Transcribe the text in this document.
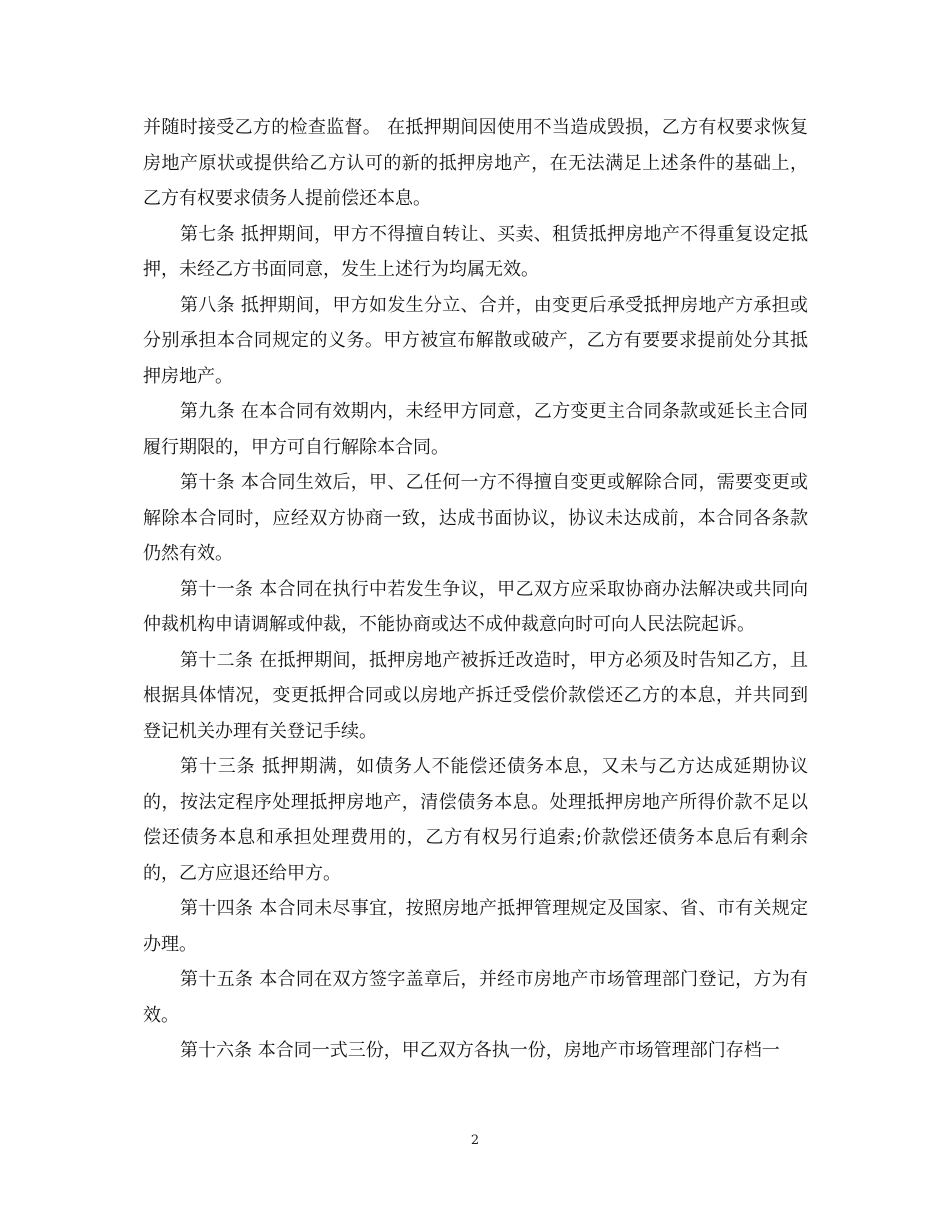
并随时接受乙方的检查监督。 在抵押期间因使用不当造成毁损，乙方有权要求恢复房地产原状或提供给乙方认可的新的抵押房地产，在无法满足上述条件的基础上，乙方有权要求债务人提前偿还本息。

第七条 抵押期间，甲方不得擅自转让、买卖、租赁抵押房地产不得重复设定抵押，未经乙方书面同意，发生上述行为均属无效。

第八条 抵押期间，甲方如发生分立、合并，由变更后承受抵押房地产方承担或分别承担本合同规定的义务。甲方被宣布解散或破产，乙方有要要求提前处分其抵押房地产。

第九条 在本合同有效期内，未经甲方同意，乙方变更主合同条款或延长主合同履行期限的，甲方可自行解除本合同。

第十条 本合同生效后，甲、乙任何一方不得擅自变更或解除合同，需要变更或解除本合同时，应经双方协商一致，达成书面协议，协议未达成前，本合同各条款仍然有效。

第十一条 本合同在执行中若发生争议，甲乙双方应采取协商办法解决或共同向仲裁机构申请调解或仲裁，不能协商或达不成仲裁意向时可向人民法院起诉。

第十二条 在抵押期间，抵押房地产被拆迁改造时，甲方必须及时告知乙方，且根据具体情况，变更抵押合同或以房地产拆迁受偿价款偿还乙方的本息，并共同到登记机关办理有关登记手续。

第十三条 抵押期满，如债务人不能偿还债务本息，又未与乙方达成延期协议的，按法定程序处理抵押房地产，清偿债务本息。处理抵押房地产所得价款不足以偿还债务本息和承担处理费用的，乙方有权另行追索;价款偿还债务本息后有剩余的，乙方应退还给甲方。

第十四条 本合同未尽事宜，按照房地产抵押管理规定及国家、省、市有关规定办理。

第十五条 本合同在双方签字盖章后，并经市房地产市场管理部门登记，方为有效。

第十六条 本合同一式三份，甲乙双方各执一份，房地产市场管理部门存档一

2
